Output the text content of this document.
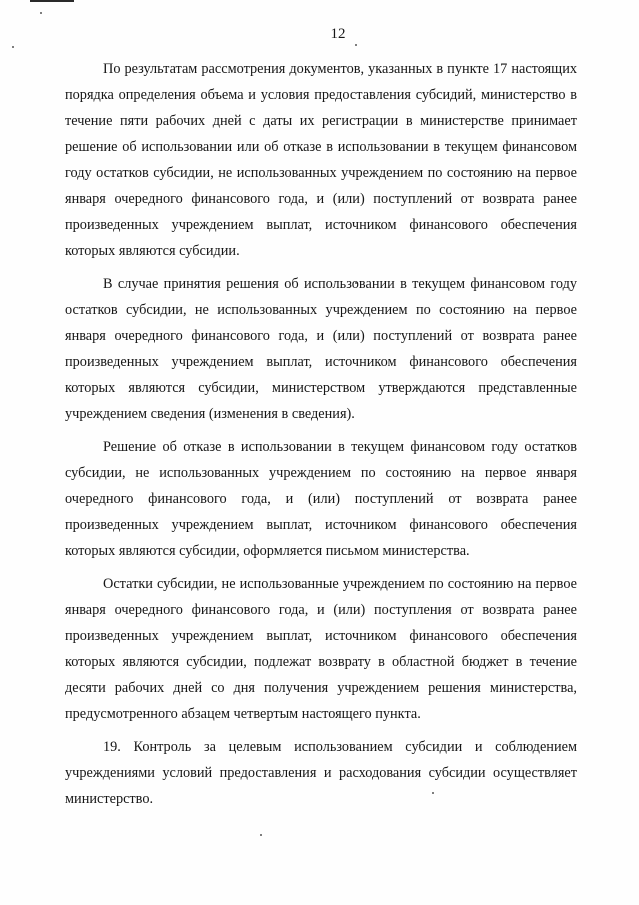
12

По результатам рассмотрения документов, указанных в пункте 17 настоящих порядка определения объема и условия предоставления субсидий, министерство в течение пяти рабочих дней с даты их регистрации в министерстве принимает решение об использовании или об отказе в использовании в текущем финансовом году остатков субсидии, не использованных учреждением по состоянию на первое января очередного финансового года, и (или) поступлений от возврата ранее произведенных учреждением выплат, источником финансового обеспечения которых являются субсидии.

В случае принятия решения об использовании в текущем финансовом году остатков субсидии, не использованных учреждением по состоянию на первое января очередного финансового года, и (или) поступлений от возврата ранее произведенных учреждением выплат, источником финансового обеспечения которых являются субсидии, министерством утверждаются представленные учреждением сведения (изменения в сведения).

Решение об отказе в использовании в текущем финансовом году остатков субсидии, не использованных учреждением по состоянию на первое января очередного финансового года, и (или) поступлений от возврата ранее произведенных учреждением выплат, источником финансового обеспечения которых являются субсидии, оформляется письмом министерства.

Остатки субсидии, не использованные учреждением по состоянию на первое января очередного финансового года, и (или) поступления от возврата ранее произведенных учреждением выплат, источником финансового обеспечения которых являются субсидии, подлежат возврату в областной бюджет в течение десяти рабочих дней со дня получения учреждением решения министерства, предусмотренного абзацем четвертым настоящего пункта.

19. Контроль за целевым использованием субсидии и соблюдением учреждениями условий предоставления и расходования субсидии осуществляет министерство.
